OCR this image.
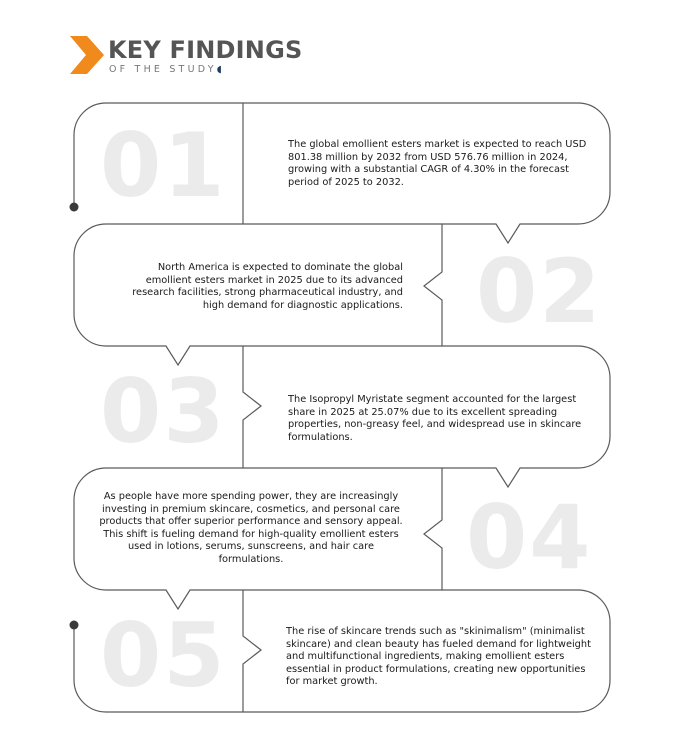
KEY FINDINGS
OF THE STUDY◖
01	The global emollient esters market is expected to reach USD 801.38 million by 2032 from USD 576.76 million in 2024, growing with a substantial CAGR of 4.30% in the forecast period of 2025 to 2032.
02
North America is expected to dominate the global emollient esters market in 2025 due to its advanced research facilities, strong pharmaceutical industry, and high demand for diagnostic applications.
03	The Isopropyl Myristate segment accounted for the largest share in 2025 at 25.07% due to its excellent spreading properties, non-greasy feel, and widespread use in skincare formulations.
04
As people have more spending power, they are increasingly investing in premium skincare, cosmetics, and personal care products that offer superior performance and sensory appeal. This shift is fueling demand for high-quality emollient esters used in lotions, serums, sunscreens, and hair care formulations.
05	The rise of skincare trends such as "skinimalism" (minimalist skincare) and clean beauty has fueled demand for lightweight and multifunctional ingredients, making emollient esters essential in product formulations, creating new opportunities for market growth.
